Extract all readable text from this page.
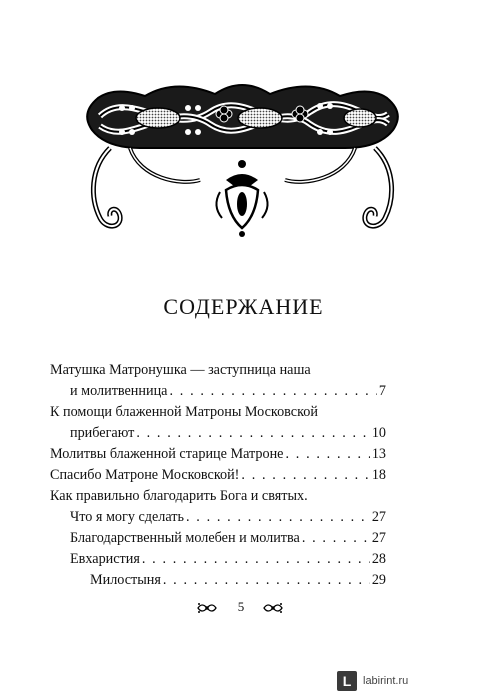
СОДЕРЖАНИЕ
Матушка Матронушка — заступница наша
и молитвенница . . .	7
К помощи блаженной Матроны Московской
прибегают . . .	10
Молитвы блаженной старице Матроне . . .	13
Спасибо Матроне Московской! . . .	18
Как правильно благодарить Бога и святых.
Что я могу сделать . . .	27
Благодарственный молебен и молитва . . .	27
Евхаристия . . .	28
Милостыня . . .	29
5
L	labirint.ru
